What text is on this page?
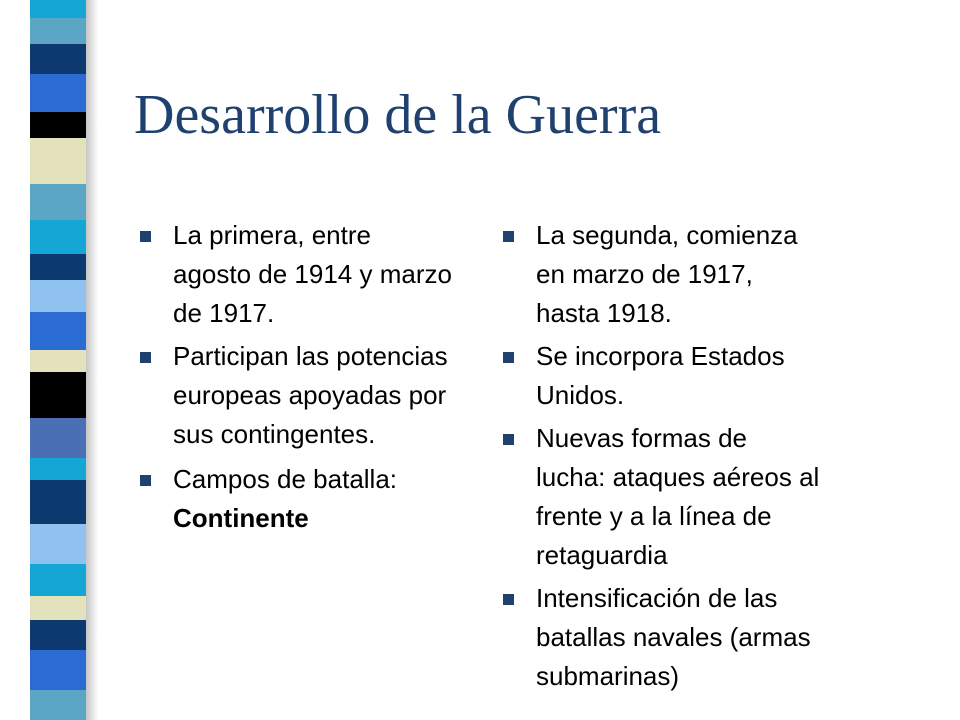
Desarrollo de la Guerra
La primera, entre
agosto de 1914 y marzo
de 1917.

Participan las potencias
europeas apoyadas por
sus contingentes.

Campos de batalla:
Continente
La segunda, comienza
en marzo de 1917,
hasta 1918.

Se incorpora Estados
Unidos.

Nuevas formas de
lucha: ataques aéreos al
frente y a la línea de
retaguardia

Intensificación de las
batallas navales (armas
submarinas)
